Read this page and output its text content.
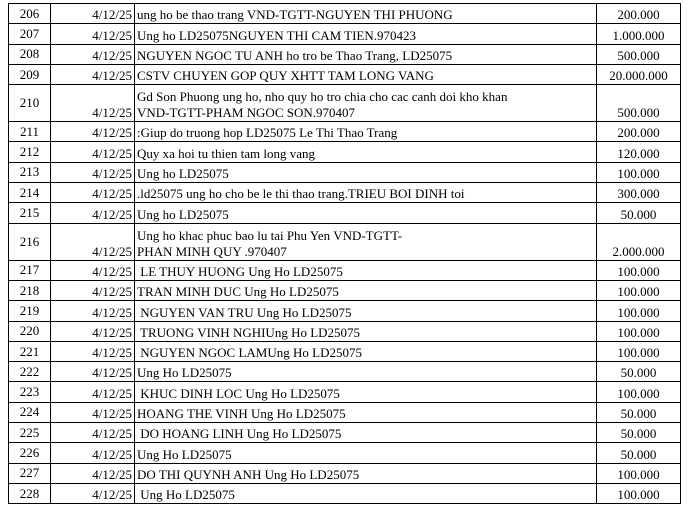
206	4/12/25	ung ho be thao trang VND-TGTT-NGUYEN THI PHUONG	200.000
207	4/12/25	Ung ho LD25075NGUYEN THI CAM TIEN.970423	1.000.000
208	4/12/25	NGUYEN NGOC TU ANH ho tro be Thao Trang, LD25075	500.000
209	4/12/25	CSTV CHUYEN GOP QUY XHTT TAM LONG VANG	20.000.000
210	4/12/25	Gd Son Phuong ung ho, nho quy ho tro chia cho cac canh doi kho khan
VND-TGTT-PHAM NGOC SON.970407	500.000
211	4/12/25	:Giup do truong hop LD25075 Le Thi Thao Trang	200.000
212	4/12/25	Quy xa hoi tu thien tam long vang	120.000
213	4/12/25	Ung ho LD25075	100.000
214	4/12/25	.ld25075 ung ho cho be le thi thao trang.TRIEU BOI DINH toi	300.000
215	4/12/25	Ung ho LD25075	50.000
216	4/12/25	Ung ho khac phuc bao lu tai Phu Yen VND-TGTT-
PHAN MINH QUY .970407	2.000.000
217	4/12/25	LE THUY HUONG Ung Ho LD25075	100.000
218	4/12/25	TRAN MINH DUC Ung Ho LD25075	100.000
219	4/12/25	NGUYEN VAN TRU Ung Ho LD25075	100.000
220	4/12/25	TRUONG VINH NGHIUng Ho LD25075	100.000
221	4/12/25	NGUYEN NGOC LAMUng Ho LD25075	100.000
222	4/12/25	Ung Ho LD25075	50.000
223	4/12/25	KHUC DINH LOC Ung Ho LD25075	100.000
224	4/12/25	HOANG THE VINH Ung Ho LD25075	50.000
225	4/12/25	DO HOANG LINH Ung Ho LD25075	50.000
226	4/12/25	Ung Ho LD25075	50.000
227	4/12/25	DO THI QUYNH ANH Ung Ho LD25075	100.000
228	4/12/25	Ung Ho LD25075	100.000
